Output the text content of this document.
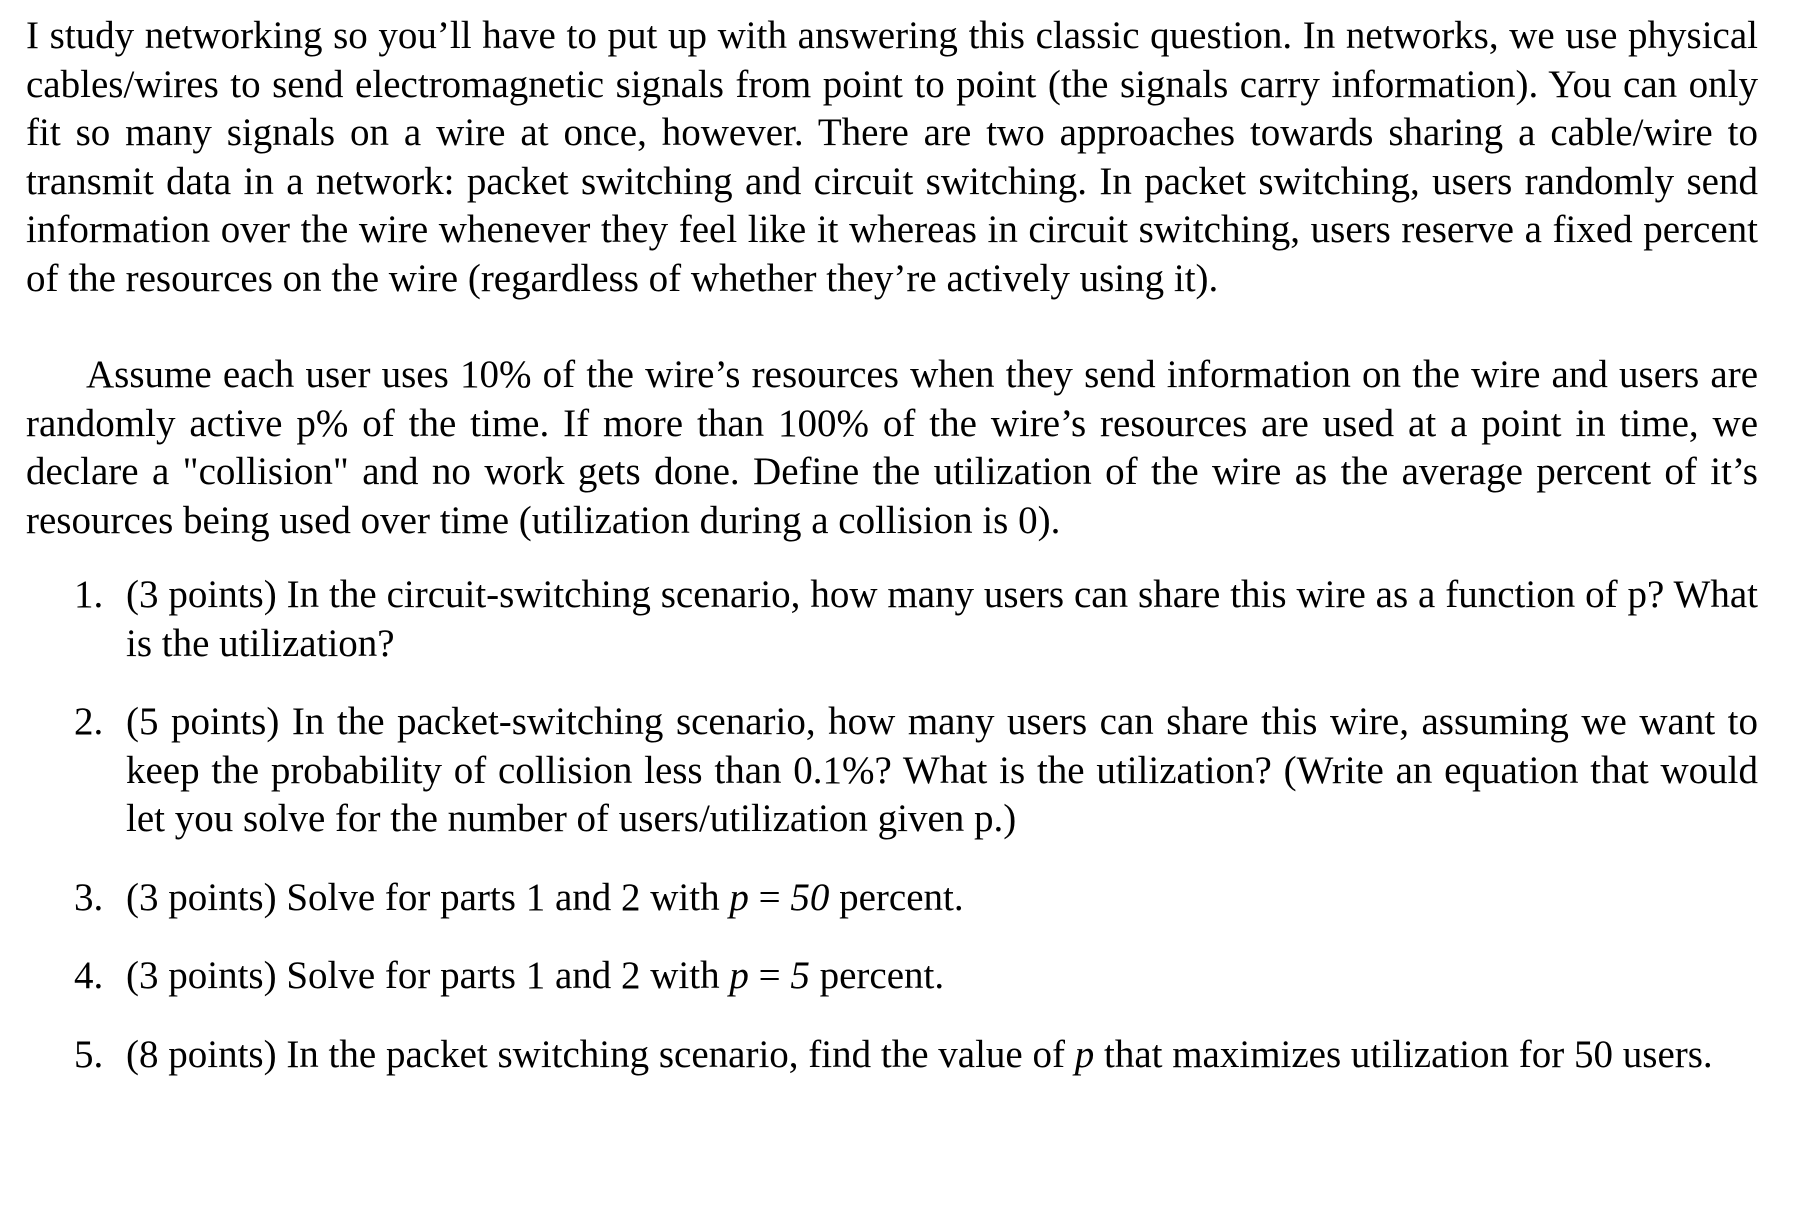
I study networking so you’ll have to put up with answering this classic question. In networks, we use physical cables/wires to send electromagnetic signals from point to point (the signals carry information). You can only fit so many signals on a wire at once, however. There are two approaches towards sharing a cable/wire to transmit data in a network: packet switching and circuit switching. In packet switching, users randomly send information over the wire whenever they feel like it whereas in circuit switching, users reserve a fixed percent of the resources on the wire (regardless of whether they’re actively using it).

Assume each user uses 10% of the wire’s resources when they send information on the wire and users are randomly active p% of the time. If more than 100% of the wire’s resources are used at a point in time, we declare a "collision" and no work gets done. Define the utilization of the wire as the average percent of it’s resources being used over time (utilization during a collision is 0).

1. (3 points) In the circuit-switching scenario, how many users can share this wire as a function of p? What is the utilization?
2. (5 points) In the packet-switching scenario, how many users can share this wire, assuming we want to keep the probability of collision less than 0.1%? What is the utilization? (Write an equation that would let you solve for the number of users/utilization given p.)
3. (3 points) Solve for parts 1 and 2 with p = 50 percent.
4. (3 points) Solve for parts 1 and 2 with p = 5 percent.
5. (8 points) In the packet switching scenario, find the value of p that maximizes utilization for 50 users.
